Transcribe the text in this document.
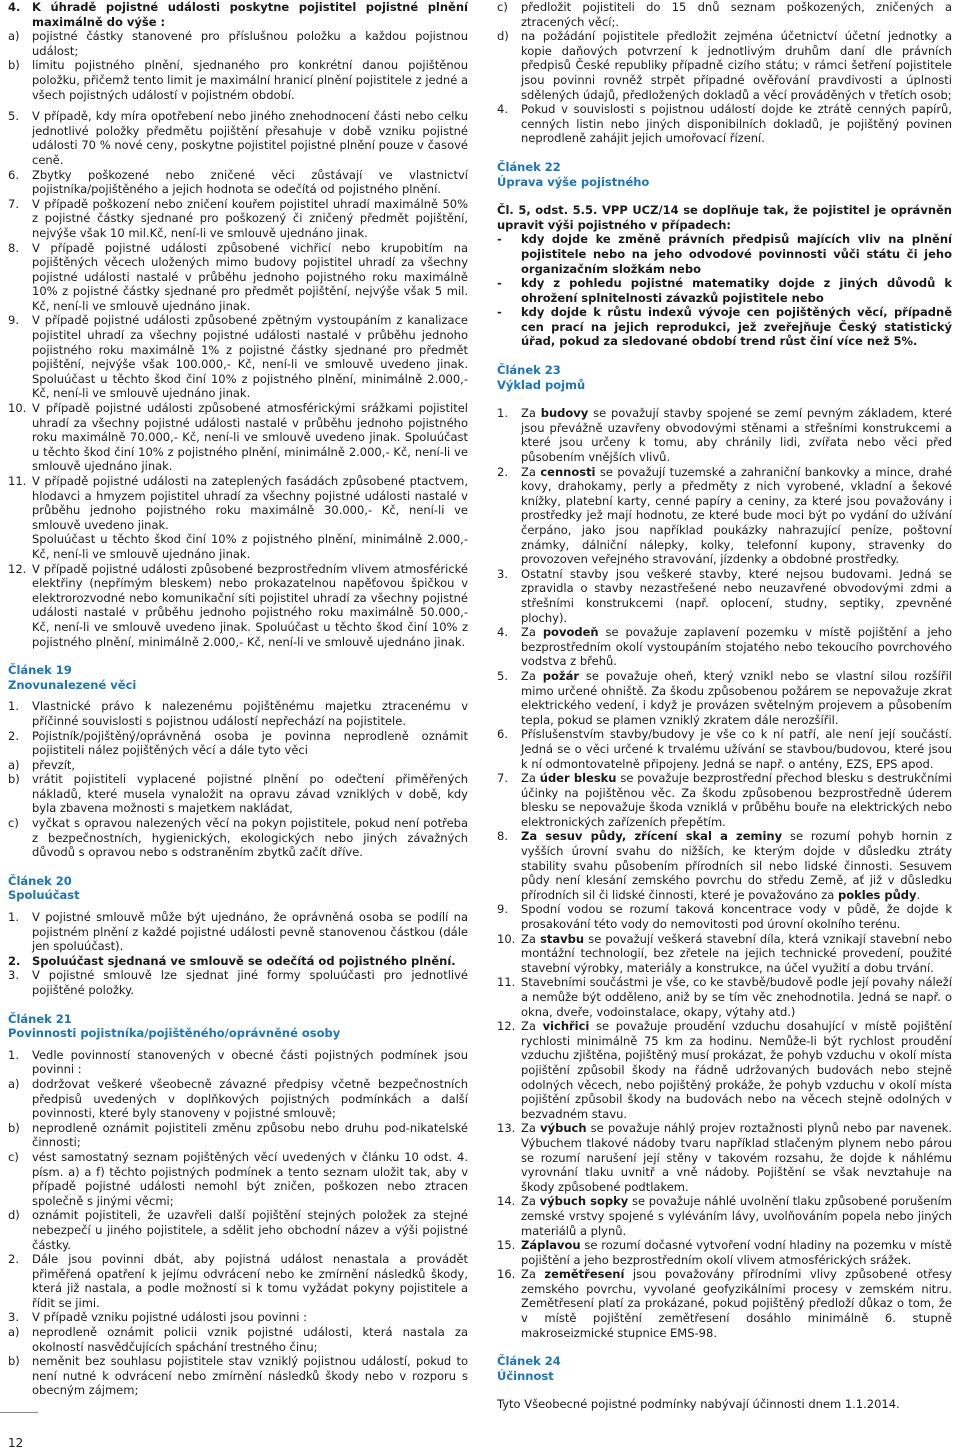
4.	K úhradě pojistné události poskytne pojistitel pojistné plnění maximálně do výše :
a)	pojistné částky stanovené pro příslušnou položku a každou pojistnou událost;
b)	limitu pojistného plnění, sjednaného pro konkrétní danou pojištěnou položku, přičemž tento limit je maximální hranicí plnění pojistitele z jedné a všech pojistných událostí v pojistném období.
5.	V případě, kdy míra opotřebení nebo jiného znehodnocení části nebo celku jednotlivé položky předmětu pojištění přesahuje v době vzniku pojistné události 70 % nové ceny, poskytne pojistitel pojistné plnění pouze v časové ceně.
6.	Zbytky poškozené nebo zničené věci zůstávají ve vlastnictví pojistníka/pojištěného a jejich hodnota se odečítá od pojistného plnění.
7.	V případě poškození nebo zničení kouřem pojistitel uhradí maximálně 50% z pojistné částky sjednané pro poškozený či zničený předmět pojištění, nejvýše však 10 mil.Kč, není-li ve smlouvě ujednáno jinak.
8.	V případě pojistné události způsobené vichřicí nebo krupobitím na pojištěných věcech uložených mimo budovy pojistitel uhradí za všechny pojistné události nastalé v průběhu jednoho pojistného roku maximálně 10% z pojistné částky sjednané pro předmět pojištění, nejvýše však 5 mil. Kč, není-li ve smlouvě ujednáno jinak.
9.	V případě pojistné události způsobené zpětným vystoupáním z kanalizace pojistitel uhradí za všechny pojistné události nastalé v průběhu jednoho pojistného roku maximálně 1% z pojistné částky sjednané pro předmět pojištění, nejvýše však 100.000,- Kč, není-li ve smlouvě uvedeno jinak. Spoluúčast u těchto škod činí 10% z pojistného plnění, minimálně 2.000,- Kč, není-li ve smlouvě ujednáno jinak.
10. V případě pojistné události způsobené atmosférickými srážkami pojistitel uhradí za všechny pojistné události nastalé v průběhu jednoho pojistného roku maximálně 70.000,- Kč, není-li ve smlouvě uvedeno jinak. Spoluúčast u těchto škod činí 10% z pojistného plnění, minimálně 2.000,- Kč, není-li ve smlouvě ujednáno jinak.
11. V případě pojistné události na zateplených fasádách způsobené ptactvem, hlodavci a hmyzem pojistitel uhradí za všechny pojistné události nastalé v průběhu jednoho pojistného roku maximálně 30.000,- Kč, není-li ve smlouvě uvedeno jinak.
Spoluúčast u těchto škod činí 10% z pojistného plnění, minimálně 2.000,- Kč, není-li ve smlouvě ujednáno jinak.
12. V případě pojistné události způsobené bezprostředním vlivem atmosférické elektřiny (nepřímým bleskem) nebo prokazatelnou napěťovou špičkou v elektrorozvodné nebo komunikační síti pojistitel uhradí za všechny pojistné události nastalé v průběhu jednoho pojistného roku maximálně 50.000,- Kč, není-li ve smlouvě uvedeno jinak. Spoluúčast u těchto škod činí 10% z pojistného plnění, minimálně 2.000,- Kč, není-li ve smlouvě ujednáno jinak.

Článek 19

Znovunalezené věci

1.	Vlastnické právo k nalezenému pojištěnému majetku ztracenému v příčinné souvislosti s pojistnou událostí nepřechází na pojistitele.
2.	Pojistník/pojištěný/oprávněná osoba je povinna neprodleně oznámit pojistiteli nález pojištěných věcí a dále tyto věci
a)	převzít,
b)	vrátit pojistiteli vyplacené pojistné plnění po odečtení přiměřených nákladů, které musela vynaložit na opravu závad vzniklých v době, kdy byla zbavena možnosti s majetkem nakládat,
c)	vyčkat s opravou nalezených věcí na pokyn pojistitele, pokud není potřeba z bezpečnostních, hygienických, ekologických nebo jiných závažných důvodů s opravou nebo s odstraněním zbytků začít dříve.

Článek 20

Spoluúčast

1.	V pojistné smlouvě může být ujednáno, že oprávněná osoba se podílí na pojistném plnění z každé pojistné události pevně stanovenou částkou (dále jen spoluúčast).
2.	Spoluúčast sjednaná ve smlouvě se odečítá od pojistného plnění.
3.	V pojistné smlouvě lze sjednat jiné formy spoluúčasti pro jednotlivé pojištěné položky.

Článek 21

Povinnosti pojistníka/pojištěného/oprávněné osoby

1.	Vedle povinností stanovených v obecné části pojistných podmínek jsou povinni :
a)	dodržovat veškeré všeobecně závazné předpisy včetně bezpečnostních předpisů uvedených v doplňkových pojistných podmínkách a další povinnosti, které byly stanoveny v pojistné smlouvě;
b)	neprodleně oznámit pojistiteli změnu způsobu nebo druhu pod-nikatelské činnosti;
c)	vést samostatný seznam pojištěných věcí uvedených v článku 10 odst. 4. písm. a) a f) těchto pojistných podmínek a tento seznam uložit tak, aby v případě pojistné události nemohl být zničen, poškozen nebo ztracen společně s jinými věcmi;
d)	oznámit pojistiteli, že uzavřeli další pojištění stejných položek za stejné nebezpečí u jiného pojistitele, a sdělit jeho obchodní název a výši pojistné částky.
2.	Dále jsou povinni dbát, aby pojistná událost nenastala a provádět přiměřená opatření k jejímu odvrácení nebo ke zmírnění následků škody, která již nastala, a podle možností si k tomu vyžádat pokyny pojistitele a řídit se jimi.
3.	V případě vzniku pojistné události jsou povinni :
a)	neprodleně oznámit policii vznik pojistné události, která nastala za okolností nasvědčujících spáchání trestného činu;
b)	neměnit bez souhlasu pojistitele stav vzniklý pojistnou událostí, pokud to není nutné k odvrácení nebo zmírnění následků škody nebo v rozporu s obecným zájmem;
c)	předložit pojistiteli do 15 dnů seznam poškozených, zničených a ztracených věcí;.
d)	na požádání pojistitele předložit zejména účetnictví účetní jednotky a kopie daňových potvrzení k jednotlivým druhům daní dle právních předpisů České republiky případně cizího státu; v rámci šetření pojistitele jsou povinni rovněž strpět případné ověřování pravdivosti a úplnosti sdělených údajů, předložených dokladů a věcí prováděných v třetích osob;
4.	Pokud v souvislosti s pojistnou událostí dojde ke ztrátě cenných papírů, cenných listin nebo jiných disponibilních dokladů, je pojištěný povinen neprodleně zahájit jejich umořovací řízení.

Článek 22

Úprava výše pojistného

Čl. 5, odst. 5.5. VPP UCZ/14 se doplňuje tak, že pojistitel je oprávněn upravit výši pojistného v případech:
-	kdy dojde ke změně právních předpisů majících vliv na plnění pojistitele nebo na jeho odvodové povinnosti vůči státu či jeho organizačním složkám nebo
-	kdy z pohledu pojistné matematiky dojde z jiných důvodů k ohrožení splnitelnosti závazků pojistitele nebo
-	kdy dojde k růstu indexů vývoje cen pojištěných věcí, případně cen prací na jejich reprodukci, jež zveřejňuje Český statistický úřad, pokud za sledované období trend růst činí více než 5%.

Článek 23

Výklad pojmů

1.	Za budovy se považují stavby spojené se zemí pevným základem, které jsou převážně uzavřeny obvodovými stěnami a střešními konstrukcemi a které jsou určeny k tomu, aby chránily lidi, zvířata nebo věci před působením vnějších vlivů.
2.	Za cennosti se považují tuzemské a zahraniční bankovky a mince, drahé kovy, drahokamy, perly a předměty z nich vyrobené, vkladní a šekové knížky, platební karty, cenné papíry a ceniny, za které jsou považovány i prostředky jež mají hodnotu, ze které bude moci být po vydání do užívání čerpáno, jako jsou například poukázky nahrazující peníze, poštovní známky, dálniční nálepky, kolky, telefonní kupony, stravenky do provozoven veřejného stravování, jízdenky a obdobné prostředky.
3.	Ostatní stavby jsou veškeré stavby, které nejsou budovami. Jedná se zpravidla o stavby nezastřešené nebo neuzavřené obvodovými zdmi a střešními konstrukcemi (např. oplocení, studny, septiky, zpevněné plochy).
4.	Za povodeň se považuje zaplavení pozemku v místě pojištění a jeho bezprostředním okolí vystoupáním stojatého nebo tekoucího povrchového vodstva z břehů.
5.	Za požár se považuje oheň, který vznikl nebo se vlastní silou rozšířil mimo určené ohniště. Za škodu způsobenou požárem se nepovažuje zkrat elektrického vedení, i když je provázen světelným projevem a působením tepla, pokud se plamen vzniklý zkratem dále nerozšířil.
6.	Příslušenstvím stavby/budovy je vše co k ní patří, ale není její součástí. Jedná se o věci určené k trvalému užívání se stavbou/budovou, které jsou k ní odmontovatelně připojeny. Jedná se např. o antény, EZS, EPS apod.
7.	Za úder blesku se považuje bezprostřední přechod blesku s destrukčními účinky na pojištěnou věc. Za škodu způsobenou bezprostředně úderem blesku se nepovažuje škoda vzniklá v průběhu bouře na elektrických nebo elektronických zařízeních přepětím.
8.	Za sesuv půdy, zřícení skal a zeminy se rozumí pohyb hornin z vyšších úrovní svahu do nižších, ke kterým dojde v důsledku ztráty stability svahu působením přírodních sil nebo lidské činnosti. Sesuvem půdy není klesání zemského povrchu do středu Země, ať již v důsledku přírodních sil či lidské činnosti, které je považováno za pokles půdy.
9.	Spodní vodou se rozumí taková koncentrace vody v půdě, že dojde k prosakování této vody do nemovitosti pod úrovní okolního terénu.
10. Za stavbu se považují veškerá stavební díla, která vznikají stavební nebo montážní technologií, bez zřetele na jejich technické provedení, použité stavební výrobky, materiály a konstrukce, na účel využití a dobu trvání.
11. Stavebními součástmi je vše, co ke stavbě/budově podle její povahy náleží a nemůže být odděleno, aniž by se tím věc znehodnotila. Jedná se např. o okna, dveře, vodoinstalace, okapy, výtahy atd.)
12. Za vichřici se považuje proudění vzduchu dosahující v místě pojištění rychlosti minimálně 75 km za hodinu. Nemůže-li být rychlost proudění vzduchu zjištěna, pojištěný musí prokázat, že pohyb vzduchu v okolí místa pojištění způsobil škody na řádně udržovaných budovách nebo stejně odolných věcech, nebo pojištěný prokáže, že pohyb vzduchu v okolí místa pojištění způsobil škody na budovách nebo na věcech stejně odolných v bezvadném stavu.
13. Za výbuch se považuje náhlý projev roztažnosti plynů nebo par navenek. Výbuchem tlakové nádoby tvaru například stlačeným plynem nebo párou se rozumí narušení její stěny v takovém rozsahu, že dojde k náhlému vyrovnání tlaku uvnitř a vně nádoby. Pojištění se však nevztahuje na škody způsobené podtlakem.
14. Za výbuch sopky se považuje náhlé uvolnění tlaku způsobené porušením zemské vrstvy spojené s vyléváním lávy, uvolňováním popela nebo jiných materiálů a plynů.
15. Záplavou se rozumí dočasné vytvoření vodní hladiny na pozemku v místě pojištění a jeho bezprostředním okolí vlivem atmosférických srážek.
16. Za zemětřesení jsou považovány přírodními vlivy způsobené otřesy zemského povrchu, vyvolané geofyzikálními procesy v zemském nitru. Zemětřesení platí za prokázané, pokud pojištěný předloží důkaz o tom, že v místě pojištění zemětřesení dosáhlo minimálně 6. stupně makroseizmické stupnice EMS-98.

Článek 24

Účinnost

Tyto Všeobecné pojistné podmínky nabývají účinnosti dnem 1.1.2014.
12
